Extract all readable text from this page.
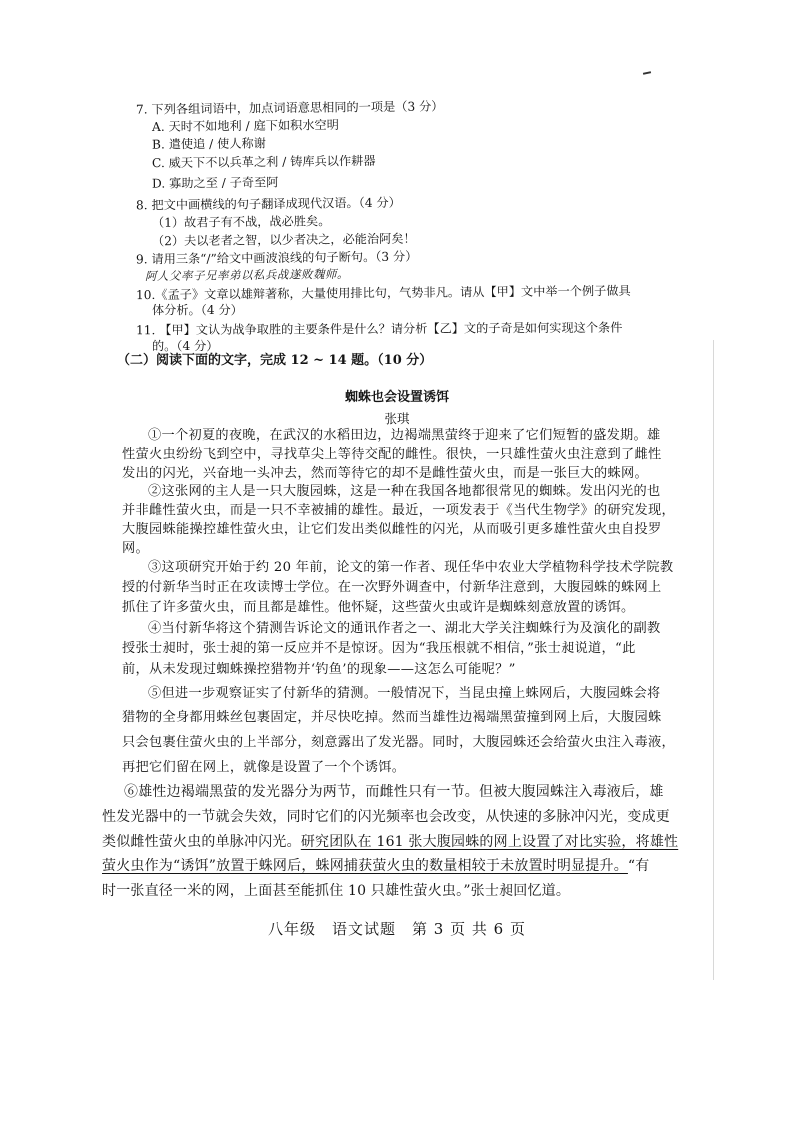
7. 下列各组词语中，加点词语意思相同的一项是（3 分）
A. 天时不如地利 / 庭下如积水空明
B. 遣使追 / 使人称谢
C. 威天下不以兵革之利 / 铸库兵以作耕器
D. 寡助之至 / 子奇至阿
8. 把文中画横线的句子翻译成现代汉语。（4 分）
（1）故君子有不战，战必胜矣。
（2）夫以老者之智，以少者决之，必能治阿矣！
9. 请用三条“/”给文中画波浪线的句子断句。（3 分）
阿人父率子兄率弟以私兵战遂败魏师。
10.《孟子》文章以雄辩著称，大量使用排比句，气势非凡。请从【甲】文中举一个例子做具
体分析。（4 分）
11. 【甲】文认为战争取胜的主要条件是什么？请分析【乙】文的子奇是如何实现这个条件
的。（4 分）
（二）阅读下面的文字，完成 12 ~ 14 题。（10 分）
蜘蛛也会设置诱饵
张琪
①一个初夏的夜晚，在武汉的水稻田边，边褐端黑萤终于迎来了它们短暂的盛发期。雄
性萤火虫纷纷飞到空中，寻找草尖上等待交配的雌性。很快，一只雄性萤火虫注意到了雌性
发出的闪光，兴奋地一头冲去，然而等待它的却不是雌性萤火虫，而是一张巨大的蛛网。
②这张网的主人是一只大腹园蛛，这是一种在我国各地都很常见的蜘蛛。发出闪光的也
并非雌性萤火虫，而是一只不幸被捕的雄性。最近，一项发表于《当代生物学》的研究发现，
大腹园蛛能操控雄性萤火虫，让它们发出类似雌性的闪光，从而吸引更多雄性萤火虫自投罗
网。
③这项研究开始于约 20 年前，论文的第一作者、现任华中农业大学植物科学技术学院教
授的付新华当时正在攻读博士学位。在一次野外调查中，付新华注意到，大腹园蛛的蛛网上
抓住了许多萤火虫，而且都是雄性。他怀疑，这些萤火虫或许是蜘蛛刻意放置的诱饵。
④当付新华将这个猜测告诉论文的通讯作者之一、湖北大学关注蜘蛛行为及演化的副教
授张士昶时，张士昶的第一反应并不是惊讶。因为“我压根就不相信，”张士昶说道，“此
前，从未发现过蜘蛛操控猎物并‘钓鱼’的现象——这怎么可能呢？”
⑤但进一步观察证实了付新华的猜测。一般情况下，当昆虫撞上蛛网后，大腹园蛛会将
猎物的全身都用蛛丝包裹固定，并尽快吃掉。然而当雄性边褐端黑萤撞到网上后，大腹园蛛
只会包裹住萤火虫的上半部分，刻意露出了发光器。同时，大腹园蛛还会给萤火虫注入毒液，
再把它们留在网上，就像是设置了一个个诱饵。
⑥雄性边褐端黑萤的发光器分为两节，而雌性只有一节。但被大腹园蛛注入毒液后，雄
性发光器中的一节就会失效，同时它们的闪光频率也会改变，从快速的多脉冲闪光，变成更
类似雌性萤火虫的单脉冲闪光。研究团队在 161 张大腹园蛛的网上设置了对比实验，将雄性
萤火虫作为“诱饵”放置于蛛网后，蛛网捕获萤火虫的数量相较于未放置时明显提升。“有
时一张直径一米的网，上面甚至能抓住 10 只雄性萤火虫。”张士昶回忆道。
八年级　语文试题　第 3 页 共 6 页
